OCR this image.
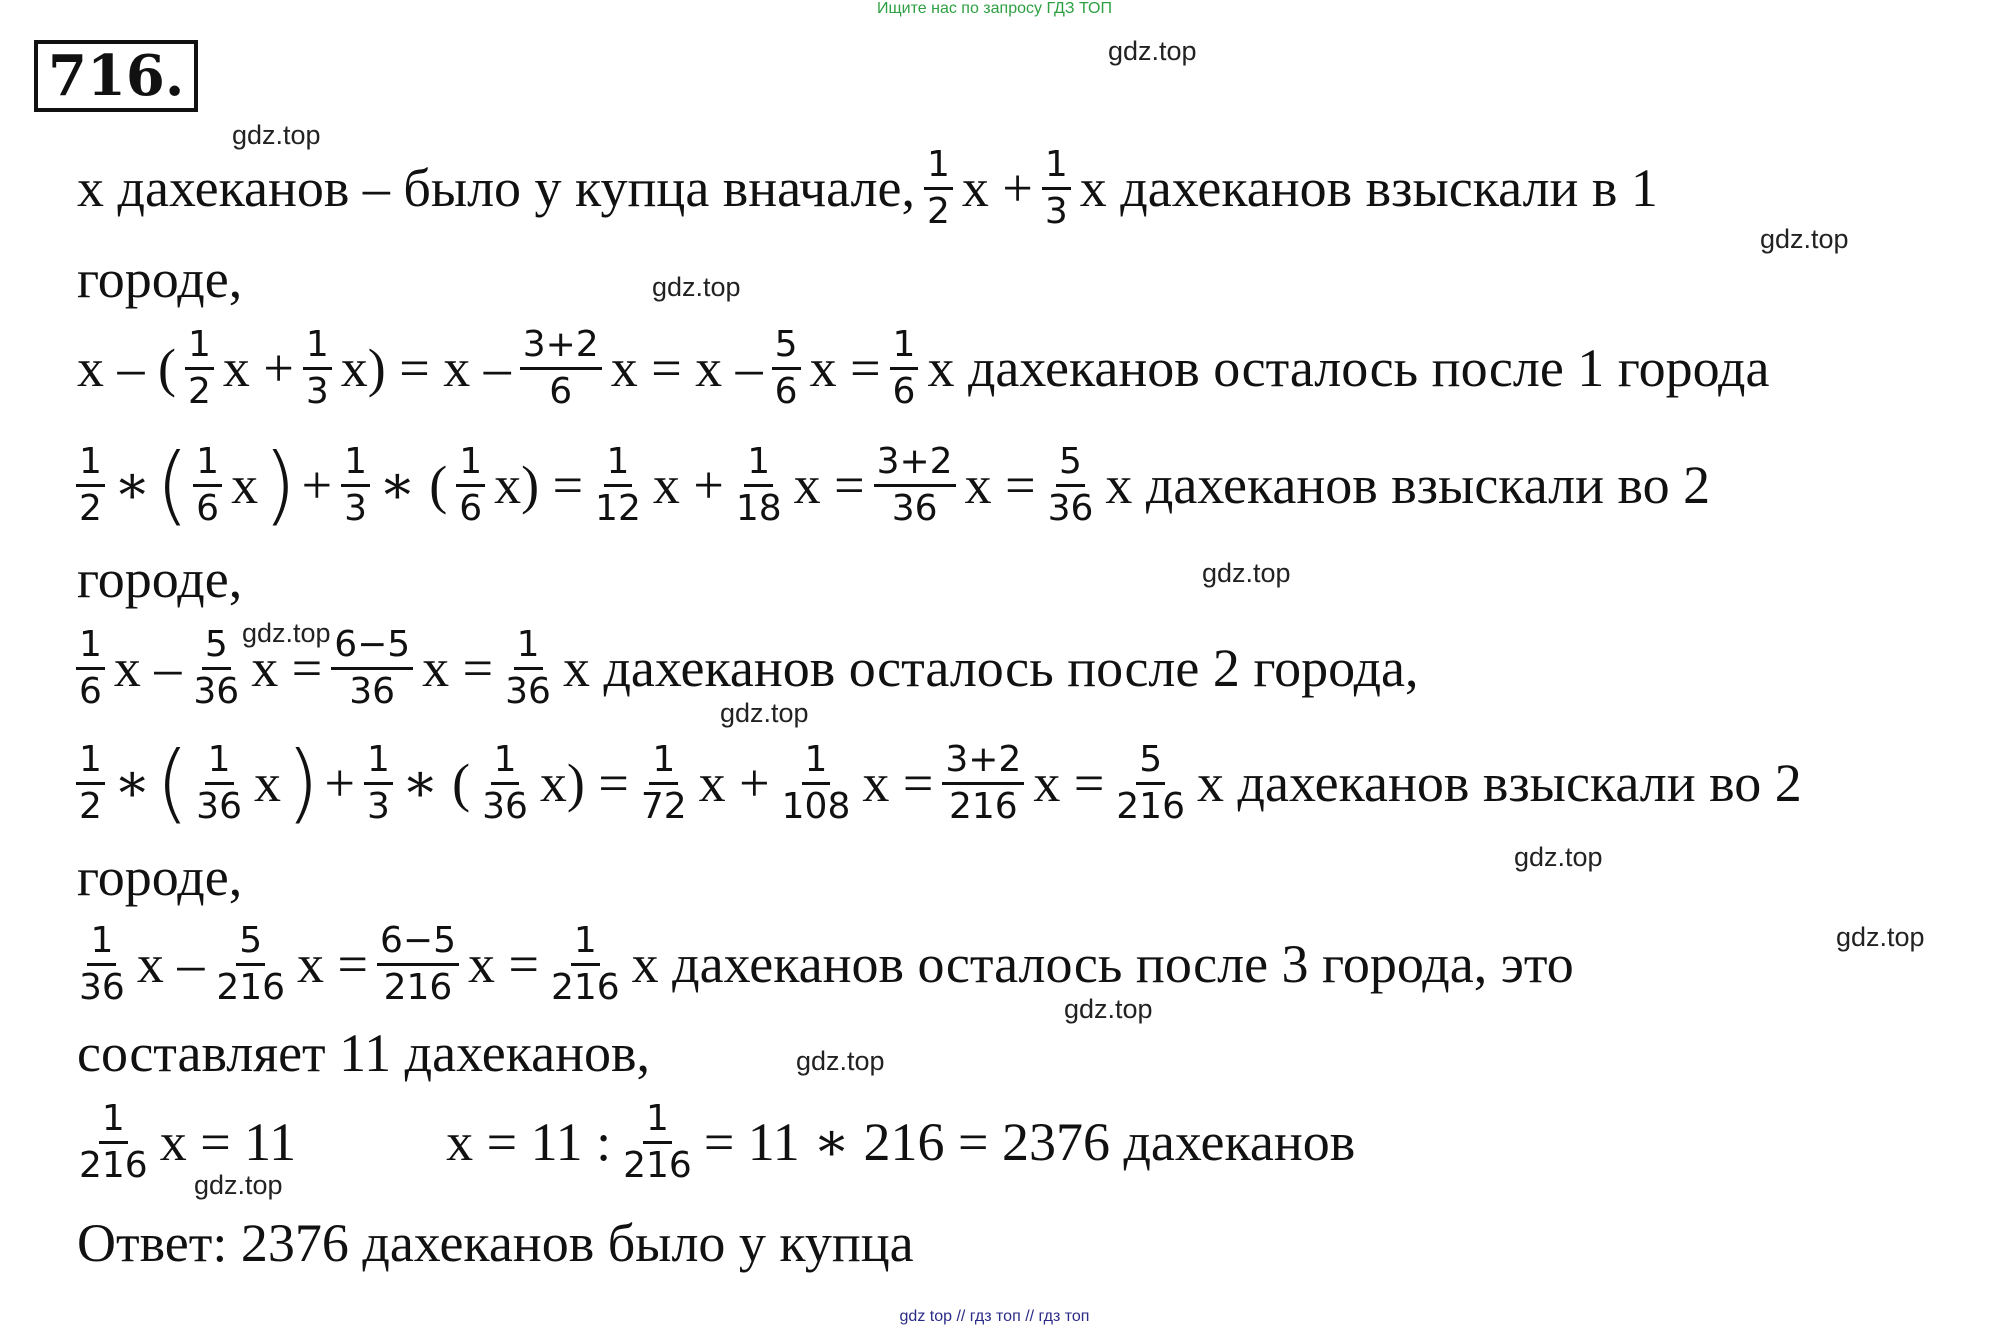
Ищите нас по запросу ГДЗ ТОП
716.	gdz.top
gdz.top
gdz.top
gdz.top
gdz.top
gdz.top
gdz.top
gdz.top
gdz.top
gdz.top
gdz.top
gdz.top
x дахеканов – было у купца вначале, $\frac{1}{2}$ $x + \frac{1}{3}$ x дахеканов взыскали в 1
городе,
x – ( $\frac{1}{2}$ $x + \frac{1}{3} x) = x - \frac{3+2}{6}$ $x = x - \frac{5}{6}$ $x = \frac{1}{6}$ x дахеканов осталось после 1 города
$\frac{1}{2}$ ∗ ( $\frac{1}{6}$ x ) + $\frac{1}{3}$ ∗ ( $\frac{1}{6} x) = \frac{1}{12}$ $x + \frac{1}{18}$ $x = \frac{3+2}{36}$ $x = \frac{5}{36}$ x дахеканов взыскали во 2
городе,
$\frac{1}{6}$ x – $\frac{5}{36}$ $x = \frac{6-5}{36}$ $x = \frac{1}{36}$ x дахеканов осталось после 2 города,
$\frac{1}{2}$ ∗ ( $\frac{1}{36}$ x ) + $\frac{1}{3}$ ∗ ( $\frac{1}{36} x) = \frac{1}{72}$ $x + \frac{1}{108}$ $x = \frac{3+2}{216}$ $x = \frac{5}{216}$ x дахеканов взыскали во 2
городе,
$\frac{1}{36}$ x – $\frac{5}{216}$ $x = \frac{6-5}{216}$ $x = \frac{1}{216}$ x дахеканов осталось после 3 города, это
составляет 11 дахеканов,
$\frac{1}{216}$ x = 11	x = 11 : $\frac{1}{216} = 11$ ∗ 216 = 2376 дахеканов
Ответ: 2376 дахеканов было у купца
gdz top // гдз топ // гдз топ
